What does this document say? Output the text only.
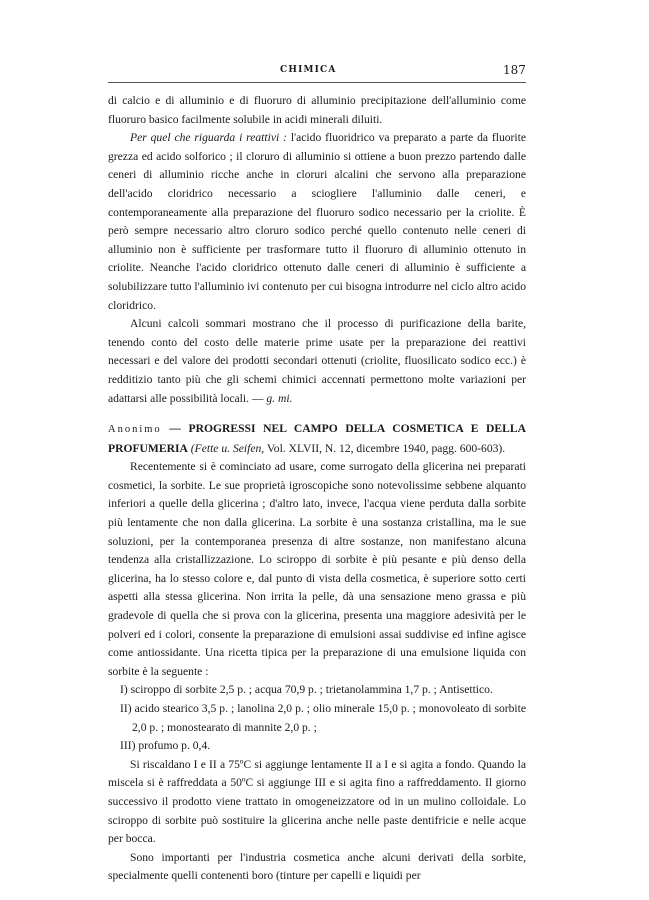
CHIMICA	187

di calcio e di alluminio e di fluoruro di alluminio precipitazione dell'alluminio come fluoruro basico facilmente solubile in acidi minerali diluiti.

Per quel che riguarda i reattivi : l'acido fluoridrico va preparato a parte da fluorite grezza ed acido solforico ; il cloruro di alluminio si ottiene a buon prezzo partendo dalle ceneri di alluminio ricche anche in cloruri alcalini che servono alla preparazione dell'acido cloridrico necessario a sciogliere l'alluminio dalle ceneri, e contemporaneamente alla preparazione del fluoruro sodico necessario per la criolite. È però sempre necessario altro cloruro sodico perché quello contenuto nelle ceneri di alluminio non è sufficiente per trasformare tutto il fluoruro di alluminio ottenuto in criolite. Neanche l'acido cloridrico ottenuto dalle ceneri di alluminio è sufficiente a solubilizzare tutto l'alluminio ivi contenuto per cui bisogna introdurre nel ciclo altro acido cloridrico.

Alcuni calcoli sommari mostrano che il processo di purificazione della barite, tenendo conto del costo delle materie prime usate per la preparazione dei reattivi necessari e del valore dei prodotti secondari ottenuti (criolite, fluosilicato sodico ecc.) è redditizio tanto più che gli schemi chimici accennati permettono molte variazioni per adattarsi alle possibilità locali. — g. mi.

Anonimo — PROGRESSI NEL CAMPO DELLA COSMETICA E DELLA PROFUMERIA (Fette u. Seifen, Vol. XLVII, N. 12, dicembre 1940, pagg. 600-603).

Recentemente si è cominciato ad usare, come surrogato della glicerina nei preparati cosmetici, la sorbite. Le sue proprietà igroscopiche sono notevolissime sebbene alquanto inferiori a quelle della glicerina ; d'altro lato, invece, l'acqua viene perduta dalla sorbite più lentamente che non dalla glicerina. La sorbite è una sostanza cristallina, ma le sue soluzioni, per la contemporanea presenza di altre sostanze, non manifestano alcuna tendenza alla cristallizzazione. Lo sciroppo di sorbite è più pesante e più denso della glicerina, ha lo stesso colore e, dal punto di vista della cosmetica, è superiore sotto certi aspetti alla stessa glicerina. Non irrita la pelle, dà una sensazione meno grassa e più gradevole di quella che si prova con la glicerina, presenta una maggiore adesività per le polveri ed i colori, consente la preparazione di emulsioni assai suddivise ed infine agisce come antiossidante. Una ricetta tipica per la preparazione di una emulsione liquida con sorbite è la seguente :

I) sciroppo di sorbite 2,5 p. ; acqua 70,9 p. ; trietanolammina 1,7 p. ; Antisettico.

II) acido stearico 3,5 p. ; lanolina 2,0 p. ; olio minerale 15,0 p. ; monovoleato di sorbite 2,0 p. ; monostearato di mannite 2,0 p. ;

III) profumo p. 0,4.

Si riscaldano I e II a 75ºC si aggiunge lentamente II a I e si agita a fondo. Quando la miscela si è raffreddata a 50ºC si aggiunge III e si agita fino a raffreddamento. Il giorno successivo il prodotto viene trattato in omogeneizzatore od in un mulino colloidale. Lo sciroppo di sorbite può sostituire la glicerina anche nelle paste dentifricie e nelle acque per bocca.

Sono importanti per l'industria cosmetica anche alcuni derivati della sorbite, specialmente quelli contenenti boro (tinture per capelli e liquidi per
